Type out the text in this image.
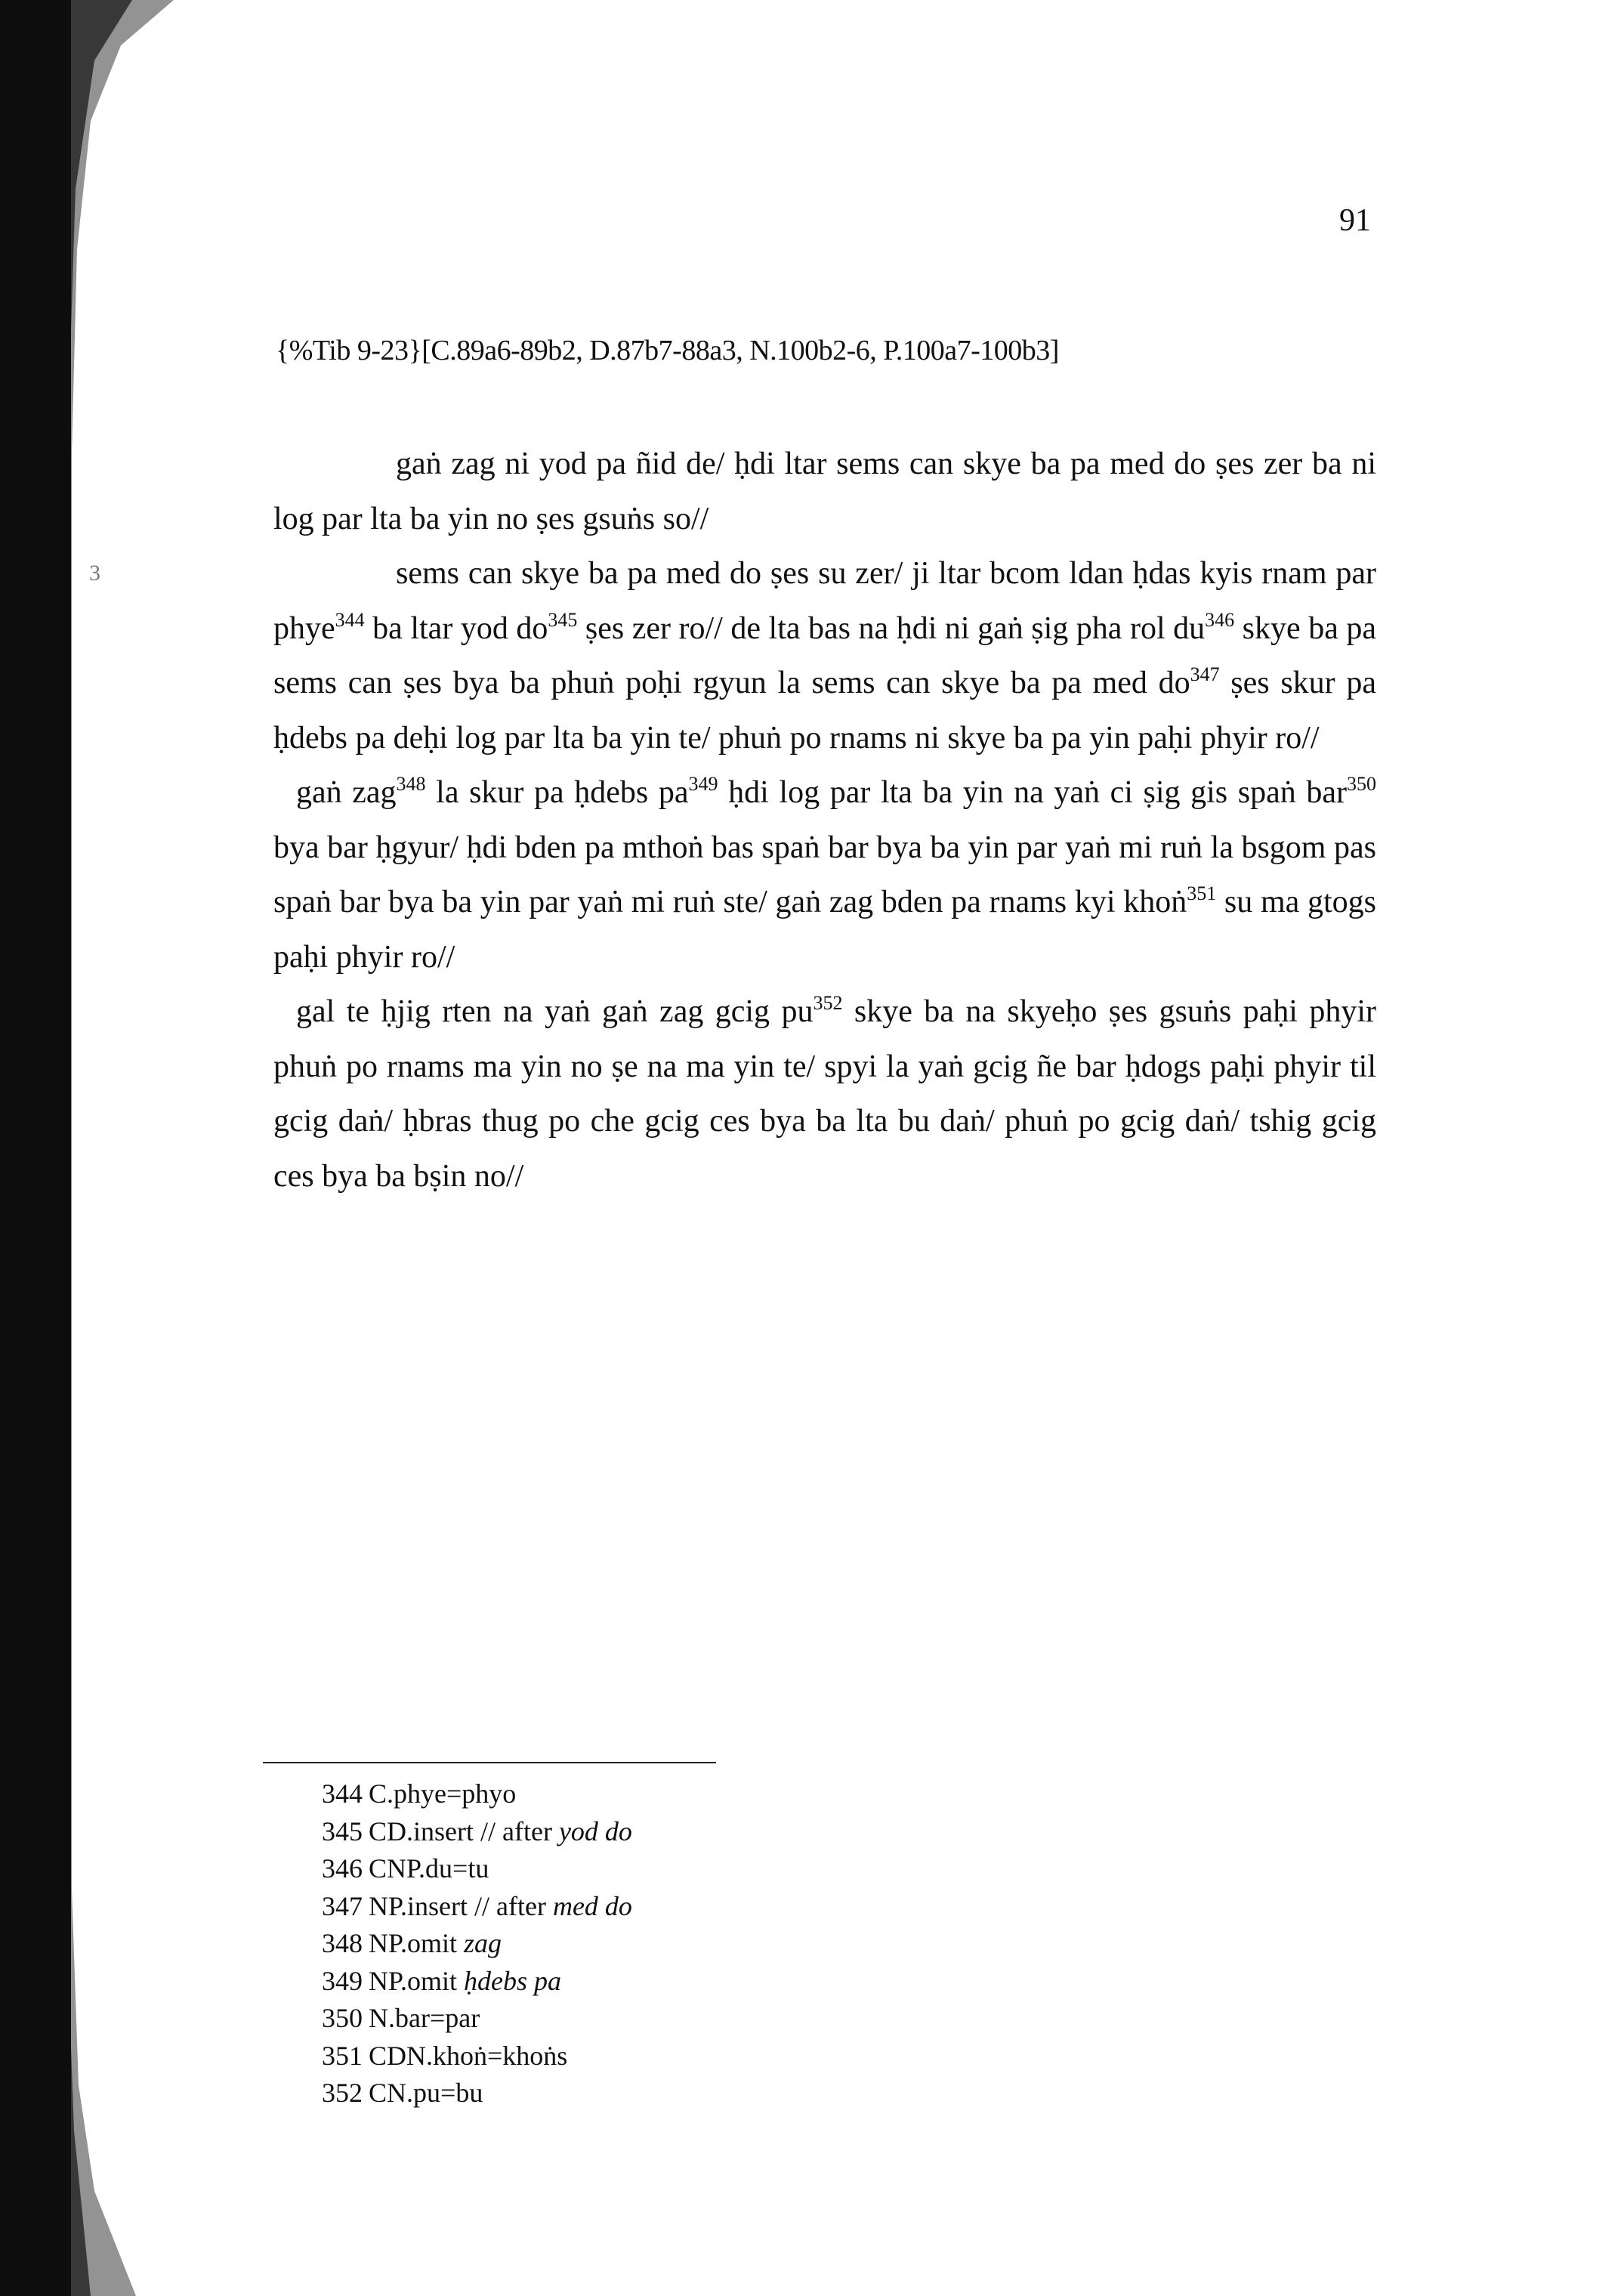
3
91
{%Tib 9-23}[C.89a6-89b2, D.87b7-88a3, N.100b2-6, P.100a7-100b3]

gaṅ zag ni yod pa ñid de/ ḥdi ltar sems can skye ba pa med do ṣes zer ba ni log par lta ba yin no ṣes gsuṅs so//

sems can skye ba pa med do ṣes su zer/ ji ltar bcom ldan ḥdas kyis rnam par phye$^{344}$ ba ltar yod $do^{345}$ ṣes zer ro// de lta bas na ḥdi ni gaṅ ṣig pha rol $du^{346}$ skye ba pa sems can ṣes bya ba phuṅ poḥi rgyun la sems can skye ba pa med $do^{347}$ ṣes skur pa ḥdebs pa deḥi log par lta ba yin te/ phuṅ po rnams ni skye ba pa yin paḥi phyir ro//

gaṅ zag$^{348}$ la skur pa ḥdebs $pa^{349}$ ḥdi log par lta ba yin na yaṅ ci ṣig gis spaṅ bar$^{350}$ bya bar ḥgyur/ ḥdi bden pa mthoṅ bas spaṅ bar bya ba yin par yaṅ mi ruṅ la bsgom pas spaṅ bar bya ba yin par yaṅ mi ruṅ ste/ gaṅ zag bden pa rnams kyi khoṅ$^{351}$ su ma gtogs paḥi phyir ro//

gal te ḥjig rten na yaṅ gaṅ zag gcig $pu^{352}$ skye ba na skyeḥo ṣes gsuṅs paḥi phyir phuṅ po rnams ma yin no ṣe na ma yin te/ spyi la yaṅ gcig ñe bar ḥdogs paḥi phyir til gcig daṅ/ ḥbras thug po che gcig ces bya ba lta bu daṅ/ phuṅ po gcig daṅ/ tshig gcig ces bya ba bṣin no//

344 C.phye=phyo
345 CD.insert // after yod do
346 CNP.du=tu
347 NP.insert // after med do
348 NP.omit zag
349 NP.omit ḥdebs pa
350 N.bar=par
351 CDN.khoṅ=khoṅs
352 CN.pu=bu
